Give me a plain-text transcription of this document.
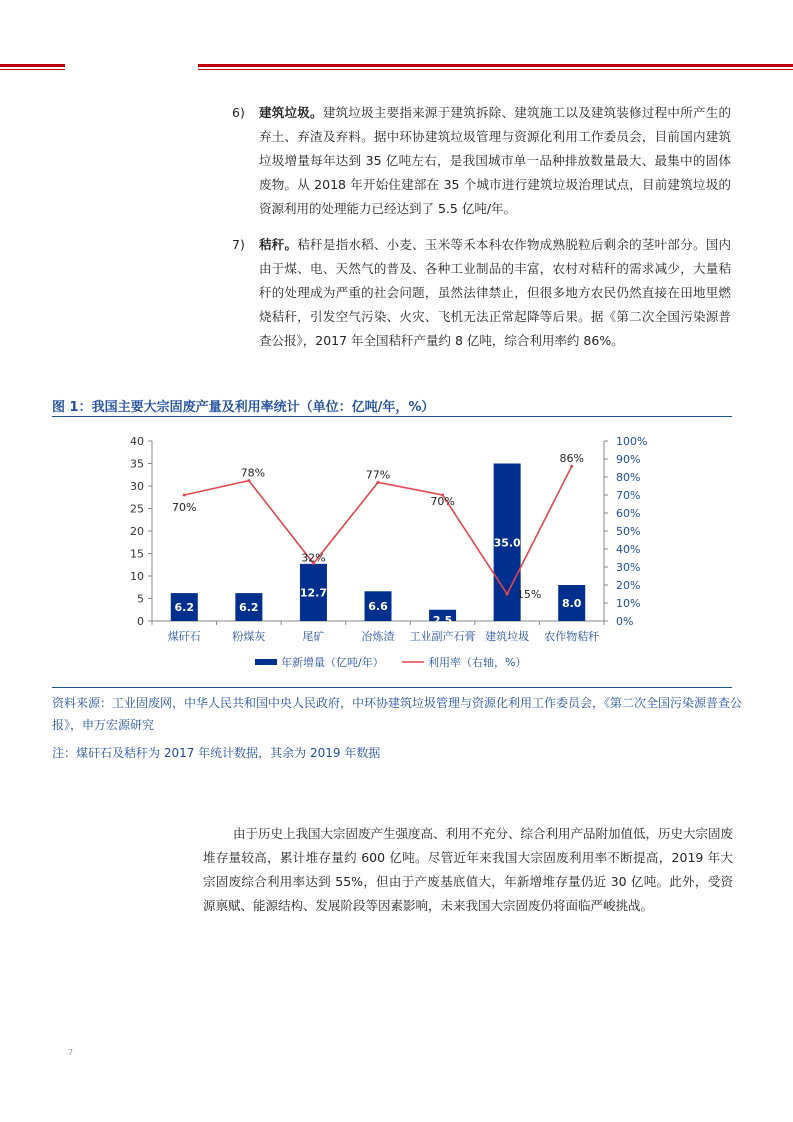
6) 建筑垃圾。建筑垃圾主要指来源于建筑拆除、建筑施工以及建筑装修过程中所产生的弃土、弃渣及弃料。据中环协建筑垃圾管理与资源化利用工作委员会，目前国内建筑垃圾增量每年达到 35 亿吨左右，是我国城市单一品种排放数量最大、最集中的固体废物。从 2018 年开始住建部在 35 个城市进行建筑垃圾治理试点，目前建筑垃圾的资源利用的处理能力已经达到了 5.5 亿吨/年。
7) 秸秆。秸秆是指水稻、小麦、玉米等禾本科农作物成熟脱粒后剩余的茎叶部分。国内由于煤、电、天然气的普及、各种工业制品的丰富，农村对秸秆的需求减少，大量秸秆的处理成为严重的社会问题，虽然法律禁止，但很多地方农民仍然直接在田地里燃烧秸秆，引发空气污染、火灾、飞机无法正常起降等后果。据《第二次全国污染源普查公报》，2017 年全国秸秆产量约 8 亿吨，综合利用率约 86%。
图 1：我国主要大宗固废产量及利用率统计（单位：亿吨/年，%）
0
5
10
15
20
25
30
35
40
0%
10%
20%
30%
40%
50%
60%
70%
80%
90%
100%
煤矸石	粉煤灰	尾矿	冶炼渣 工业副产石膏 建筑垃圾 农作物秸秆
6.2	6.2
12.7
6.6
2.5
35.0
8.0
70%
78%
32%
77%
70%
15%
86%
年新增量（亿吨/年）	利用率（右轴，%）
资料来源：工业固废网，中华人民共和国中央人民政府，中环协建筑垃圾管理与资源化利用工作委员会，《第二次全国污染源普查公报》，申万宏源研究
注：煤矸石及秸秆为 2017 年统计数据，其余为 2019 年数据
由于历史上我国大宗固废产生强度高、利用不充分、综合利用产品附加值低，历史大宗固废堆存量较高，累计堆存量约 600 亿吨。尽管近年来我国大宗固废利用率不断提高，2019 年大宗固废综合利用率达到 55%，但由于产废基底值大，年新增堆存量仍近 30 亿吨。此外，受资源禀赋、能源结构、发展阶段等因素影响，未来我国大宗固废仍将面临严峻挑战。
7
